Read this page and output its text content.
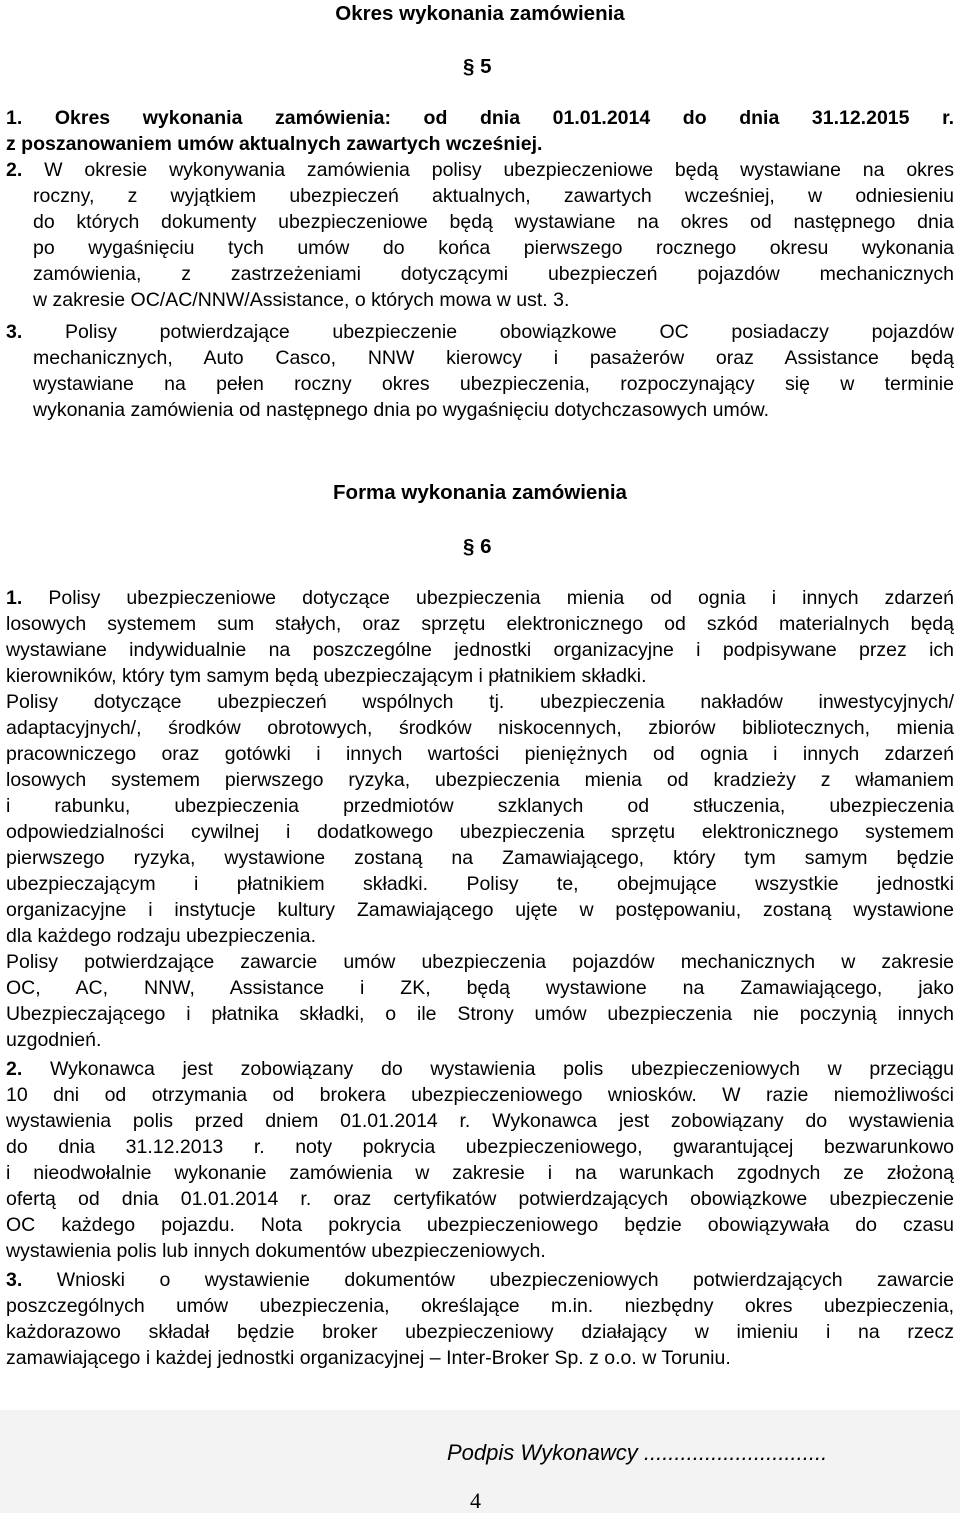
Okres wykonania zamówienia
§ 5
1. Okres wykonania zamówienia: od dnia 01.01.2014 do dnia 31.12.2015 r.
z poszanowaniem umów aktualnych zawartych wcześniej.
2. W okresie wykonywania zamówienia polisy ubezpieczeniowe będą wystawiane na okres
roczny, z wyjątkiem ubezpieczeń aktualnych, zawartych wcześniej, w odniesieniu
do których dokumenty ubezpieczeniowe będą wystawiane na okres od następnego dnia
po wygaśnięciu tych umów do końca pierwszego rocznego okresu wykonania
zamówienia, z zastrzeżeniami dotyczącymi ubezpieczeń pojazdów mechanicznych
w zakresie OC/AC/NNW/Assistance, o których mowa w ust. 3.
3. Polisy potwierdzające ubezpieczenie obowiązkowe OC posiadaczy pojazdów
mechanicznych, Auto Casco, NNW kierowcy i pasażerów oraz Assistance będą
wystawiane na pełen roczny okres ubezpieczenia, rozpoczynający się w terminie
wykonania zamówienia od następnego dnia po wygaśnięciu dotychczasowych umów.
Forma wykonania zamówienia
§ 6
1. Polisy ubezpieczeniowe dotyczące ubezpieczenia mienia od ognia i innych zdarzeń
losowych systemem sum stałych, oraz sprzętu elektronicznego od szkód materialnych będą
wystawiane indywidualnie na poszczególne jednostki organizacyjne i podpisywane przez ich
kierowników, który tym samym będą ubezpieczającym i płatnikiem składki.
Polisy dotyczące ubezpieczeń wspólnych tj. ubezpieczenia nakładów inwestycyjnych/
adaptacyjnych/, środków obrotowych, środków niskocennych, zbiorów bibliotecznych, mienia
pracowniczego oraz gotówki i innych wartości pieniężnych od ognia i innych zdarzeń
losowych systemem pierwszego ryzyka, ubezpieczenia mienia od kradzieży z włamaniem
i rabunku, ubezpieczenia przedmiotów szklanych od stłuczenia, ubezpieczenia
odpowiedzialności cywilnej i dodatkowego ubezpieczenia sprzętu elektronicznego systemem
pierwszego ryzyka, wystawione zostaną na Zamawiającego, który tym samym będzie
ubezpieczającym i płatnikiem składki. Polisy te, obejmujące wszystkie jednostki
organizacyjne i instytucje kultury Zamawiającego ujęte w postępowaniu, zostaną wystawione
dla każdego rodzaju ubezpieczenia.
Polisy potwierdzające zawarcie umów ubezpieczenia pojazdów mechanicznych w zakresie
OC, AC, NNW, Assistance i ZK, będą wystawione na Zamawiającego, jako
Ubezpieczającego i płatnika składki, o ile Strony umów ubezpieczenia nie poczynią innych
uzgodnień.
2. Wykonawca jest zobowiązany do wystawienia polis ubezpieczeniowych w przeciągu
10 dni od otrzymania od brokera ubezpieczeniowego wniosków. W razie niemożliwości
wystawienia polis przed dniem 01.01.2014 r. Wykonawca jest zobowiązany do wystawienia
do dnia 31.12.2013 r. noty pokrycia ubezpieczeniowego, gwarantującej bezwarunkowo
i nieodwołalnie wykonanie zamówienia w zakresie i na warunkach zgodnych ze złożoną
ofertą od dnia 01.01.2014 r. oraz certyfikatów potwierdzających obowiązkowe ubezpieczenie
OC każdego pojazdu. Nota pokrycia ubezpieczeniowego będzie obowiązywała do czasu
wystawienia polis lub innych dokumentów ubezpieczeniowych.
3. Wnioski o wystawienie dokumentów ubezpieczeniowych potwierdzających zawarcie
poszczególnych umów ubezpieczenia, określające m.in. niezbędny okres ubezpieczenia,
każdorazowo składał będzie broker ubezpieczeniowy działający w imieniu i na rzecz
zamawiającego i każdej jednostki organizacyjnej – Inter-Broker Sp. z o.o. w Toruniu.
Podpis Wykonawcy ..............................
4
